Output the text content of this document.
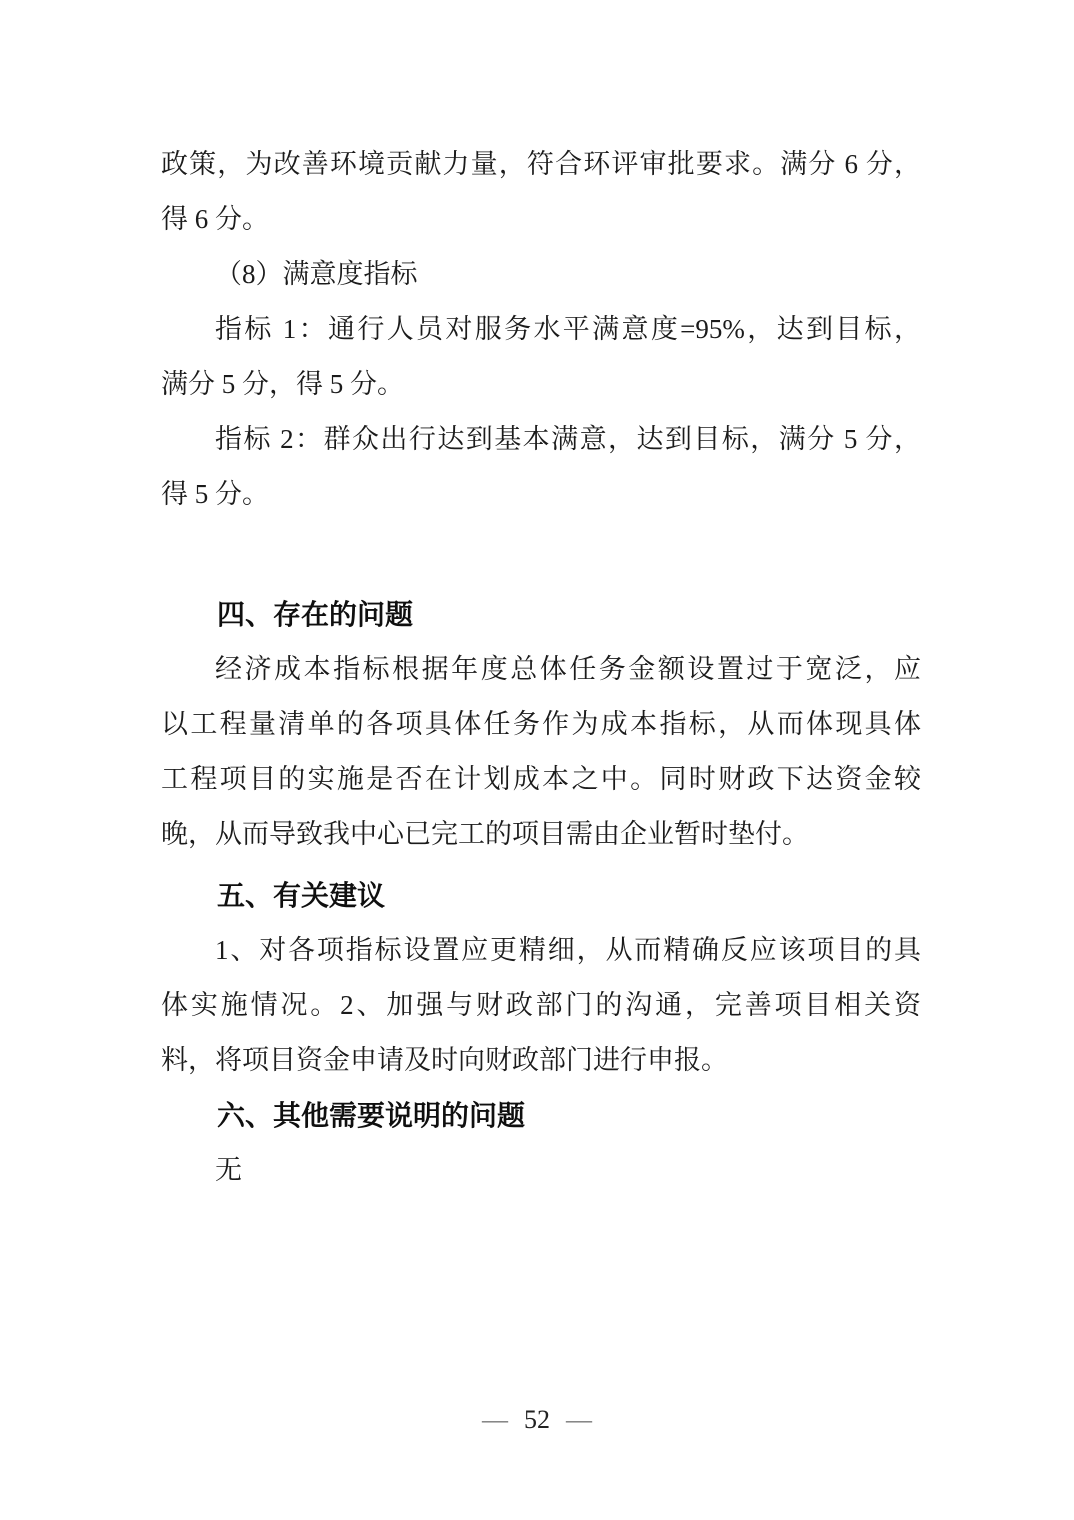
政策，为改善环境贡献力量，符合环评审批要求。满分 6 分，
得 6 分。
（8）满意度指标
指标 1：通行人员对服务水平满意度=95%，达到目标，
满分 5 分，得 5 分。
指标 2：群众出行达到基本满意，达到目标，满分 5 分，
得 5 分。
四、存在的问题
经济成本指标根据年度总体任务金额设置过于宽泛，应
以工程量清单的各项具体任务作为成本指标，从而体现具体
工程项目的实施是否在计划成本之中。同时财政下达资金较
晚，从而导致我中心已完工的项目需由企业暂时垫付。
五、有关建议
1、对各项指标设置应更精细，从而精确反应该项目的具
体实施情况。2、加强与财政部门的沟通，完善项目相关资
料，将项目资金申请及时向财政部门进行申报。
六、其他需要说明的问题
无
— 52 —
